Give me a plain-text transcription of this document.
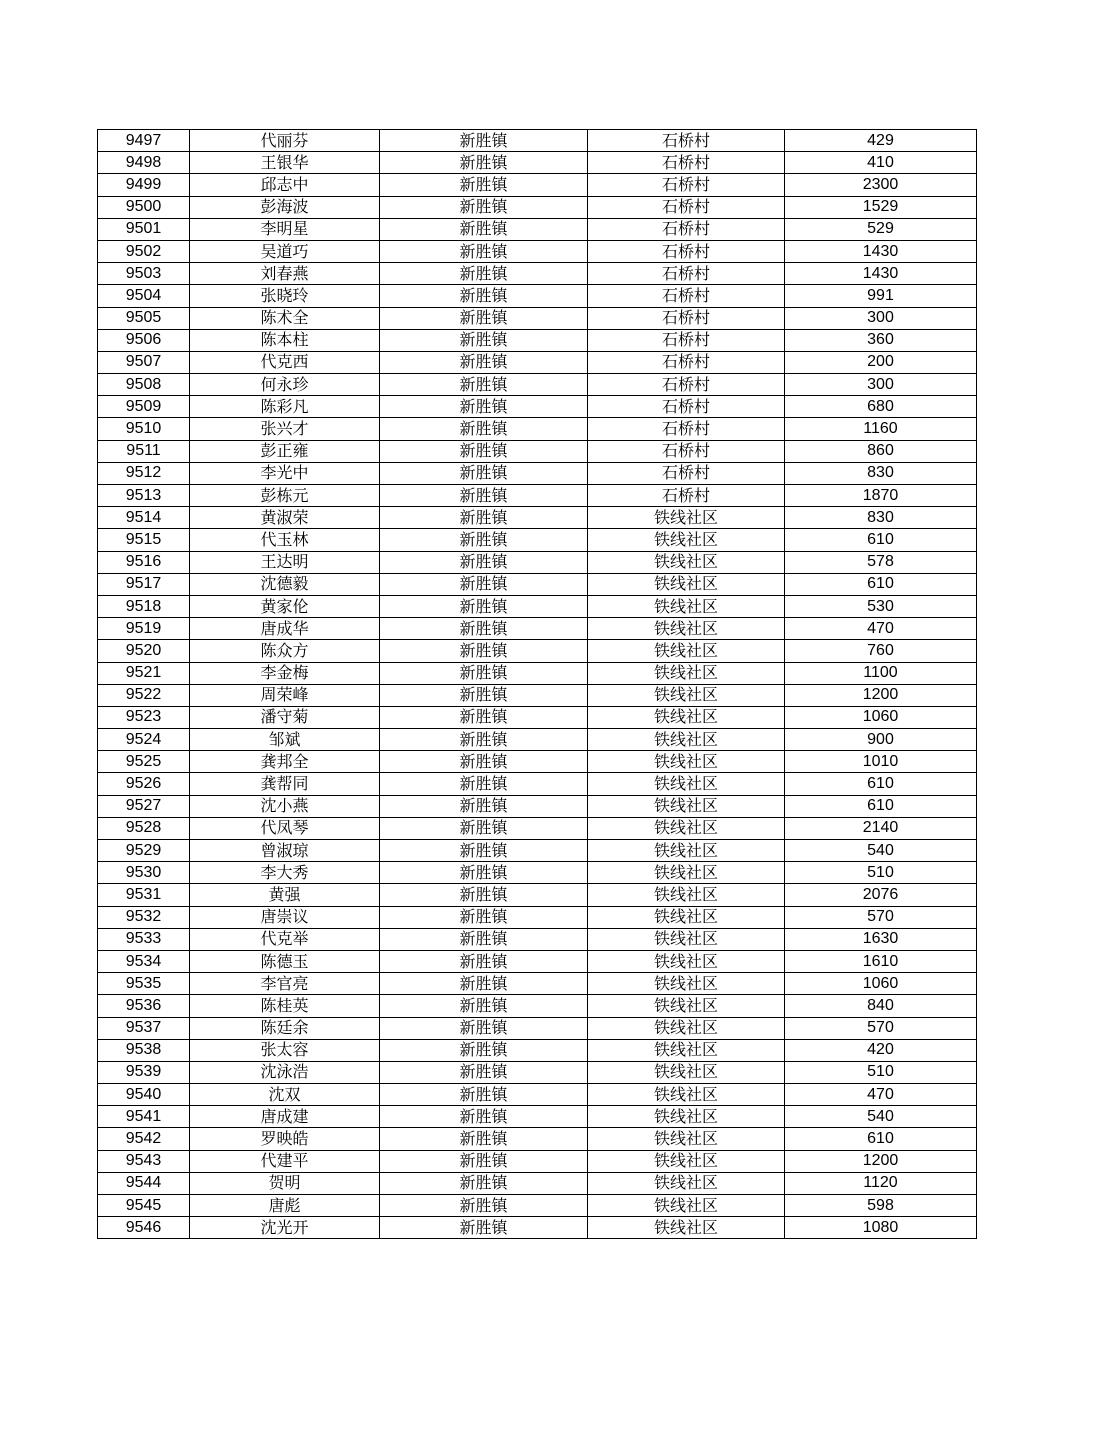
9497	代丽芬	新胜镇	石桥村	429
9498	王银华	新胜镇	石桥村	410
9499	邱志中	新胜镇	石桥村	2300
9500	彭海波	新胜镇	石桥村	1529
9501	李明星	新胜镇	石桥村	529
9502	吴道巧	新胜镇	石桥村	1430
9503	刘春燕	新胜镇	石桥村	1430
9504	张晓玲	新胜镇	石桥村	991
9505	陈术全	新胜镇	石桥村	300
9506	陈本柱	新胜镇	石桥村	360
9507	代克西	新胜镇	石桥村	200
9508	何永珍	新胜镇	石桥村	300
9509	陈彩凡	新胜镇	石桥村	680
9510	张兴才	新胜镇	石桥村	1160
9511	彭正雍	新胜镇	石桥村	860
9512	李光中	新胜镇	石桥村	830
9513	彭栋元	新胜镇	石桥村	1870
9514	黄淑荣	新胜镇	铁线社区	830
9515	代玉林	新胜镇	铁线社区	610
9516	王达明	新胜镇	铁线社区	578
9517	沈德毅	新胜镇	铁线社区	610
9518	黄家伦	新胜镇	铁线社区	530
9519	唐成华	新胜镇	铁线社区	470
9520	陈众方	新胜镇	铁线社区	760
9521	李金梅	新胜镇	铁线社区	1100
9522	周荣峰	新胜镇	铁线社区	1200
9523	潘守菊	新胜镇	铁线社区	1060
9524	邹斌	新胜镇	铁线社区	900
9525	龚邦全	新胜镇	铁线社区	1010
9526	龚帮同	新胜镇	铁线社区	610
9527	沈小燕	新胜镇	铁线社区	610
9528	代凤琴	新胜镇	铁线社区	2140
9529	曾淑琼	新胜镇	铁线社区	540
9530	李大秀	新胜镇	铁线社区	510
9531	黄强	新胜镇	铁线社区	2076
9532	唐崇议	新胜镇	铁线社区	570
9533	代克举	新胜镇	铁线社区	1630
9534	陈德玉	新胜镇	铁线社区	1610
9535	李官亮	新胜镇	铁线社区	1060
9536	陈桂英	新胜镇	铁线社区	840
9537	陈廷余	新胜镇	铁线社区	570
9538	张太容	新胜镇	铁线社区	420
9539	沈泳浩	新胜镇	铁线社区	510
9540	沈双	新胜镇	铁线社区	470
9541	唐成建	新胜镇	铁线社区	540
9542	罗映皓	新胜镇	铁线社区	610
9543	代建平	新胜镇	铁线社区	1200
9544	贺明	新胜镇	铁线社区	1120
9545	唐彪	新胜镇	铁线社区	598
9546	沈光开	新胜镇	铁线社区	1080
